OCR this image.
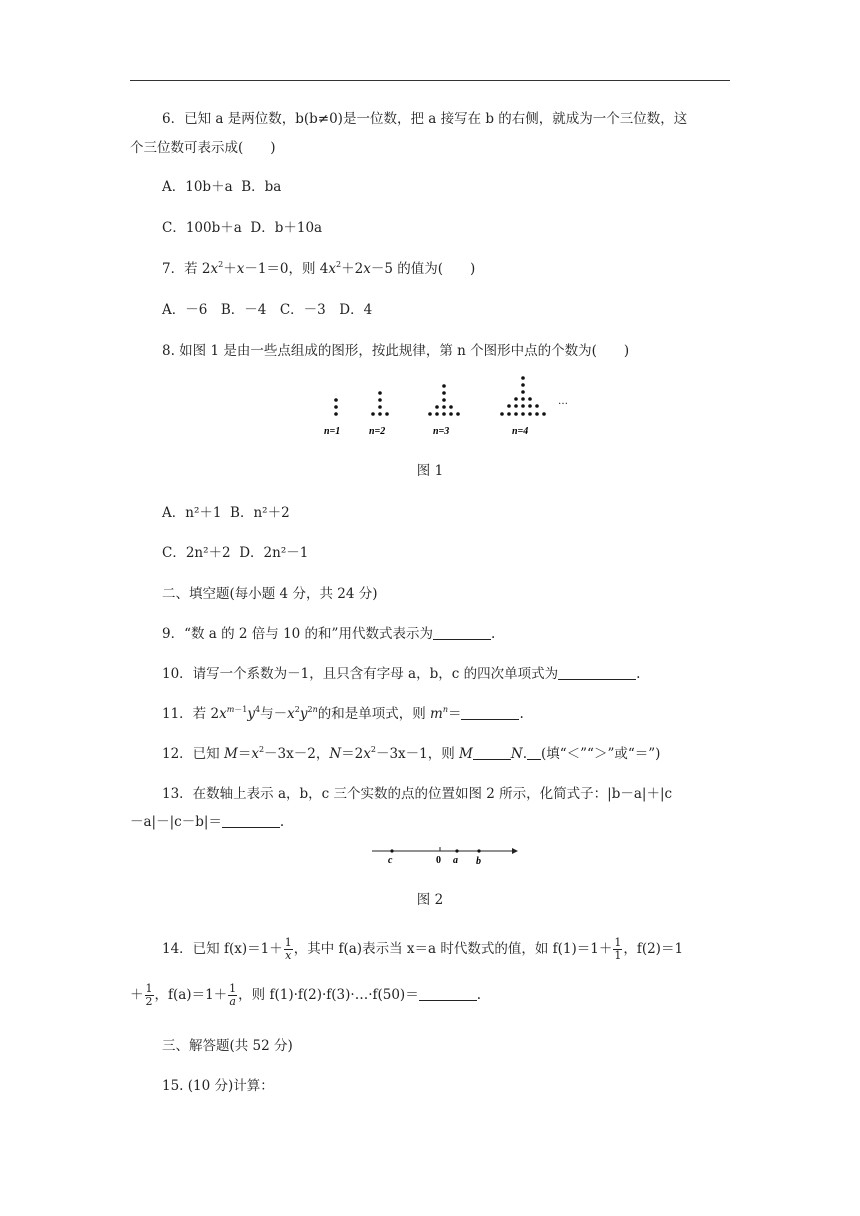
6．已知 a 是两位数，b(b≠0)是一位数，把 a 接写在 b 的右侧，就成为一个三位数，这
个三位数可表示成(　　)
A．10b＋a B．ba
C．100b＋a D．b＋10a
7．若 $2x^2+x-1=0$，则 $4x^2+2x-5$ 的值为(　　)
A．－6　B．－4　C．－3　D．4
8. 如图 1 是由一些点组成的图形，按此规律，第 n 个图形中点的个数为(　　)
…
n=1	n=2	n=3	n=4
图 1
A．n²＋1 B．n²＋2
C．2n²＋2 D．2n²－1
二、填空题(每小题 4 分，共 24 分)
9．“数 a 的 2 倍与 10 的和”用代数式表示为	.
10．请写一个系数为－1，且只含有字母 a，b，c 的四次单项式为	.
11．若 $2x^{m-1}y^4$与$-x^2y^{2n}$的和是单项式，则 $m^n=$	.
12．已知 $M=x^2-3x-2$，$N=2x^2-3x-1$，则 M	N. (填“＜”“＞”或“＝”)
13．在数轴上表示 a，b，c 三个实数的点的位置如图 2 所示，化简式子：|b－a|＋|c
－a|－|c－b|＝	.
c	0 a b
图 2
14．已知 $f(x)=1+ \frac{1}{x}$ ，其中 f(a)表示当 x＝a 时代数式的值，如 $f(1)=1+ \frac{1}{1}$ ，f(2)＝1
＋ $\frac{1}{2}$ ，$f(a)=1+ \frac{1}{a}$ ，则 f(1)·f(2)·f(3)·…·f(50)＝	.
三、解答题(共 52 分)
15. (10 分)计算：
